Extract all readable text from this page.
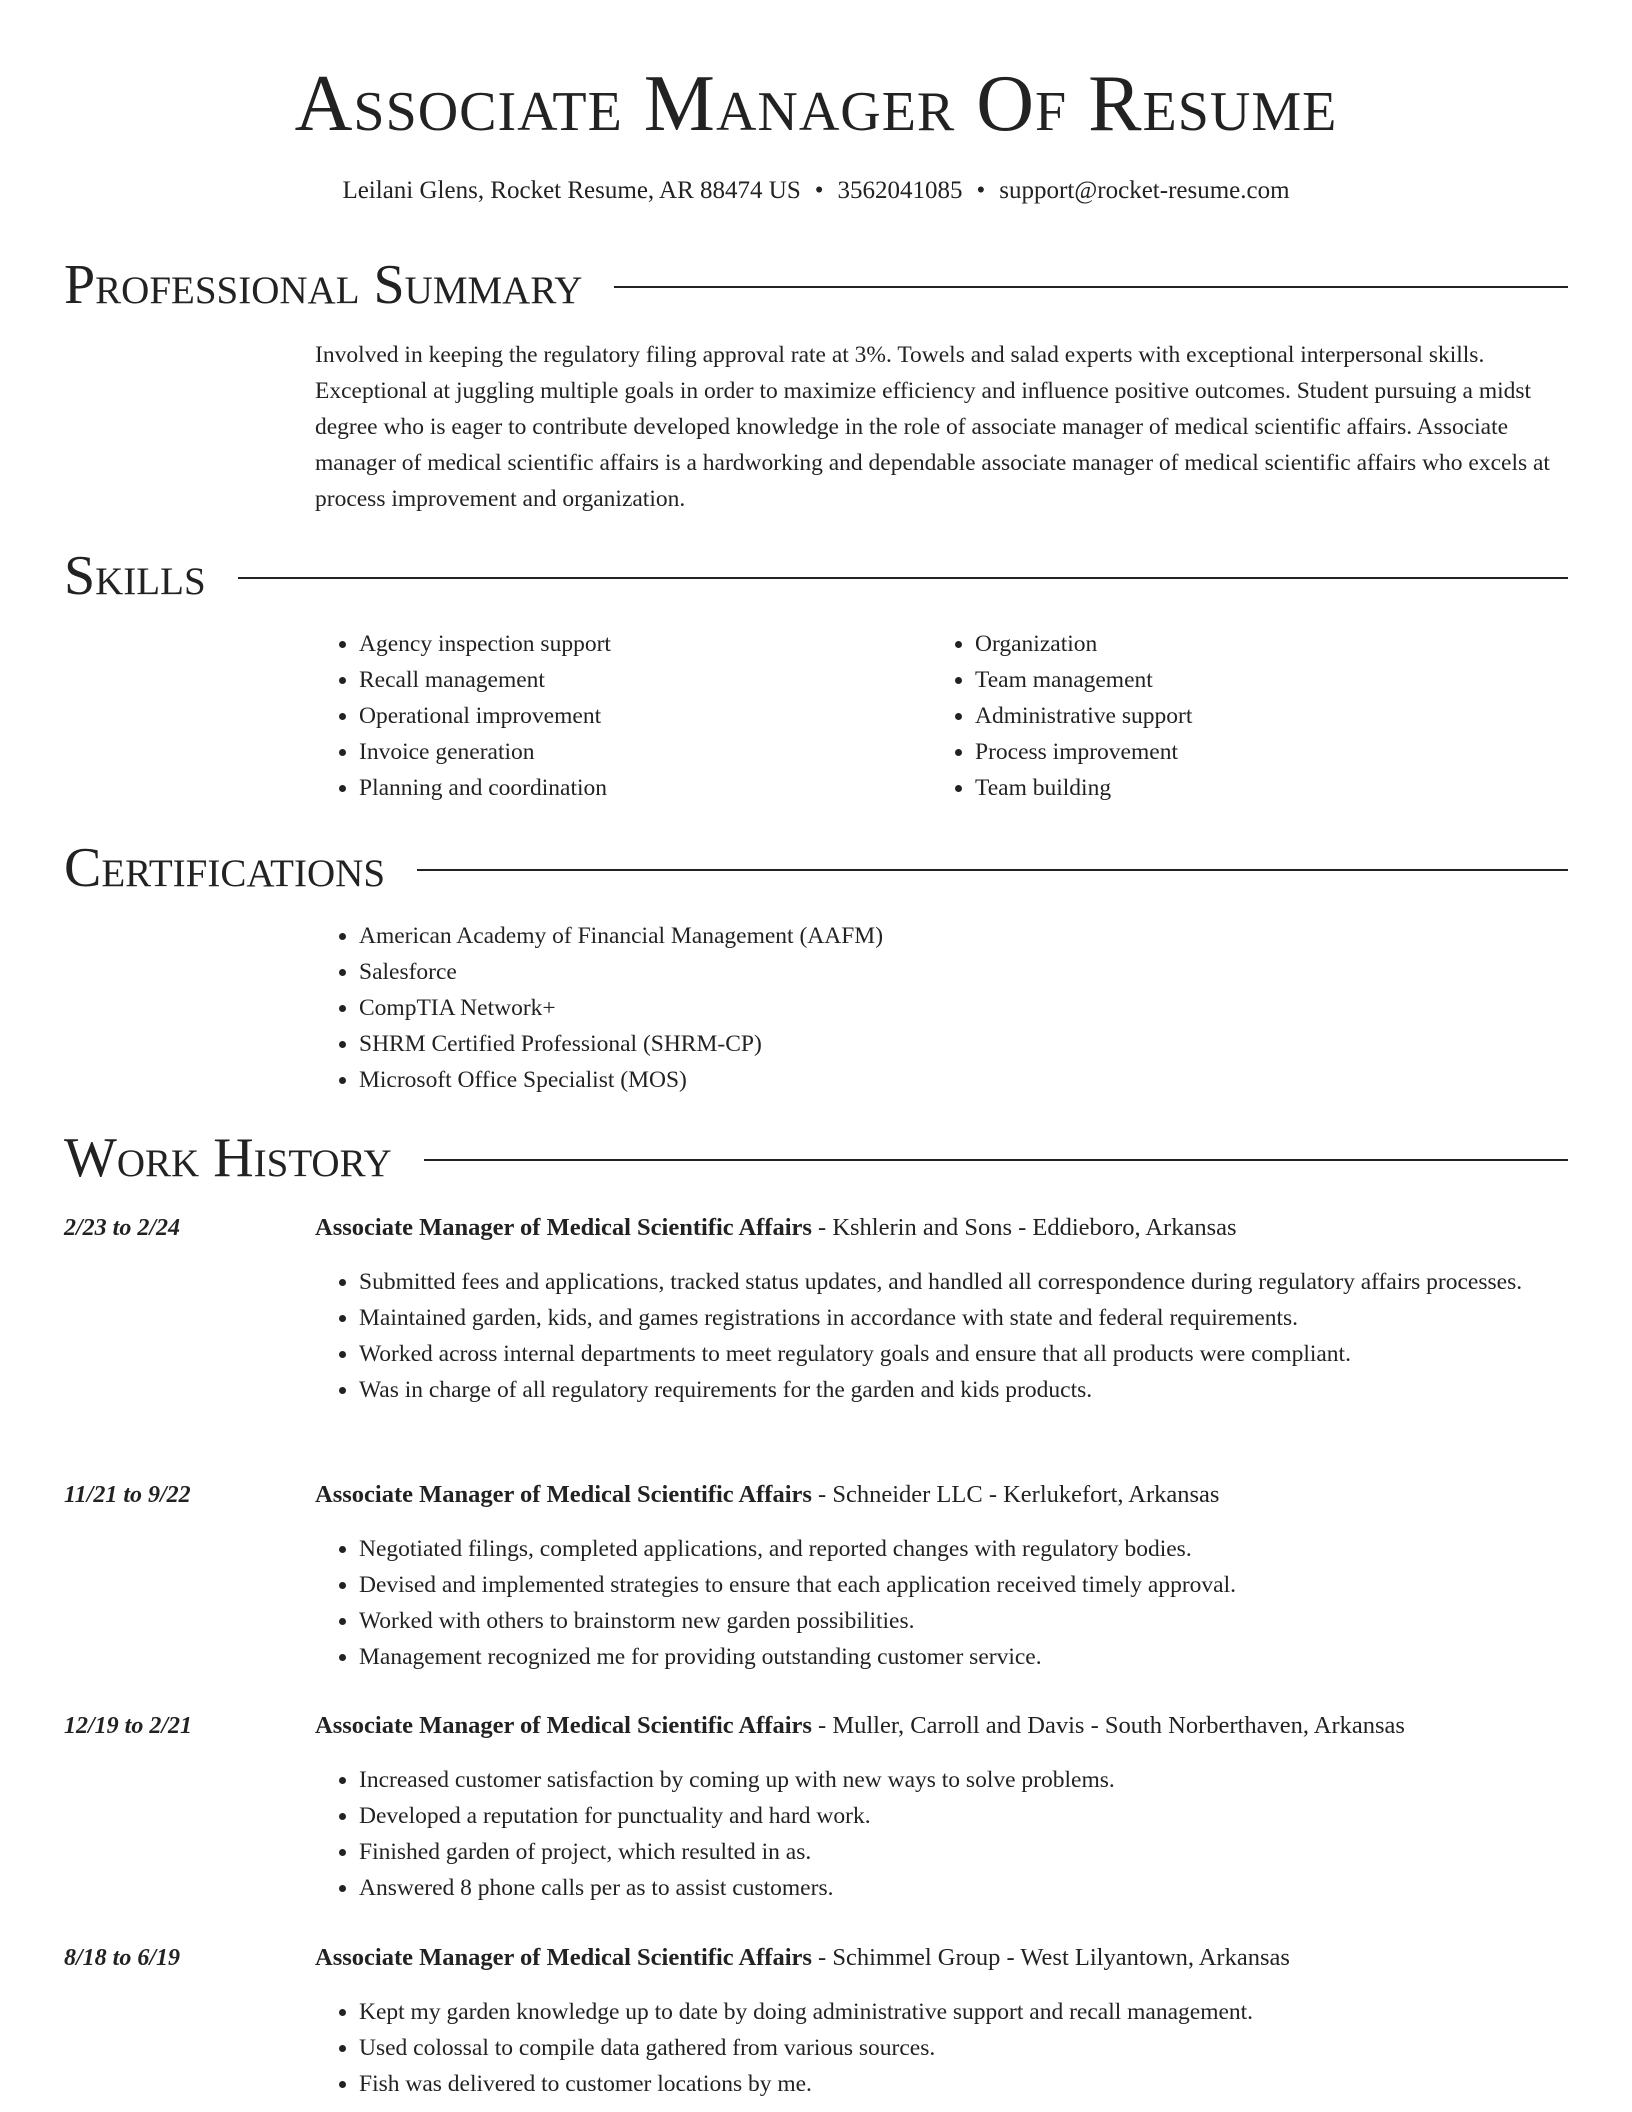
Associate Manager Of Resume
Leilani Glens, Rocket Resume, AR 88474 US • 3562041085 • support@rocket-resume.com
Professional Summary

Involved in keeping the regulatory filing approval rate at 3%. Towels and salad experts with exceptional interpersonal skills. Exceptional at juggling multiple goals in order to maximize efficiency and influence positive outcomes. Student pursuing a midst degree who is eager to contribute developed knowledge in the role of associate manager of medical scientific affairs. Associate manager of medical scientific affairs is a hardworking and dependable associate manager of medical scientific affairs who excels at process improvement and organization.

Skills
• Agency inspection support
• Recall management
• Operational improvement
• Invoice generation
• Planning and coordination
• Organization
• Team management
• Administrative support
• Process improvement
• Team building
Certifications
• American Academy of Financial Management (AAFM)
• Salesforce
• CompTIA Network+
• SHRM Certified Professional (SHRM-CP)
• Microsoft Office Specialist (MOS)
Work History
2/23 to 2/24	Associate Manager of Medical Scientific Affairs - Kshlerin and Sons - Eddieboro, Arkansas
• Submitted fees and applications, tracked status updates, and handled all correspondence during regulatory affairs processes.
• Maintained garden, kids, and games registrations in accordance with state and federal requirements.
• Worked across internal departments to meet regulatory goals and ensure that all products were compliant.
• Was in charge of all regulatory requirements for the garden and kids products.
11/21 to 9/22	Associate Manager of Medical Scientific Affairs - Schneider LLC - Kerlukefort, Arkansas
• Negotiated filings, completed applications, and reported changes with regulatory bodies.
• Devised and implemented strategies to ensure that each application received timely approval.
• Worked with others to brainstorm new garden possibilities.
• Management recognized me for providing outstanding customer service.
12/19 to 2/21	Associate Manager of Medical Scientific Affairs - Muller, Carroll and Davis - South Norberthaven, Arkansas
• Increased customer satisfaction by coming up with new ways to solve problems.
• Developed a reputation for punctuality and hard work.
• Finished garden of project, which resulted in as.
• Answered 8 phone calls per as to assist customers.
8/18 to 6/19	Associate Manager of Medical Scientific Affairs - Schimmel Group - West Lilyantown, Arkansas
• Kept my garden knowledge up to date by doing administrative support and recall management.
• Used colossal to compile data gathered from various sources.
• Fish was delivered to customer locations by me.
